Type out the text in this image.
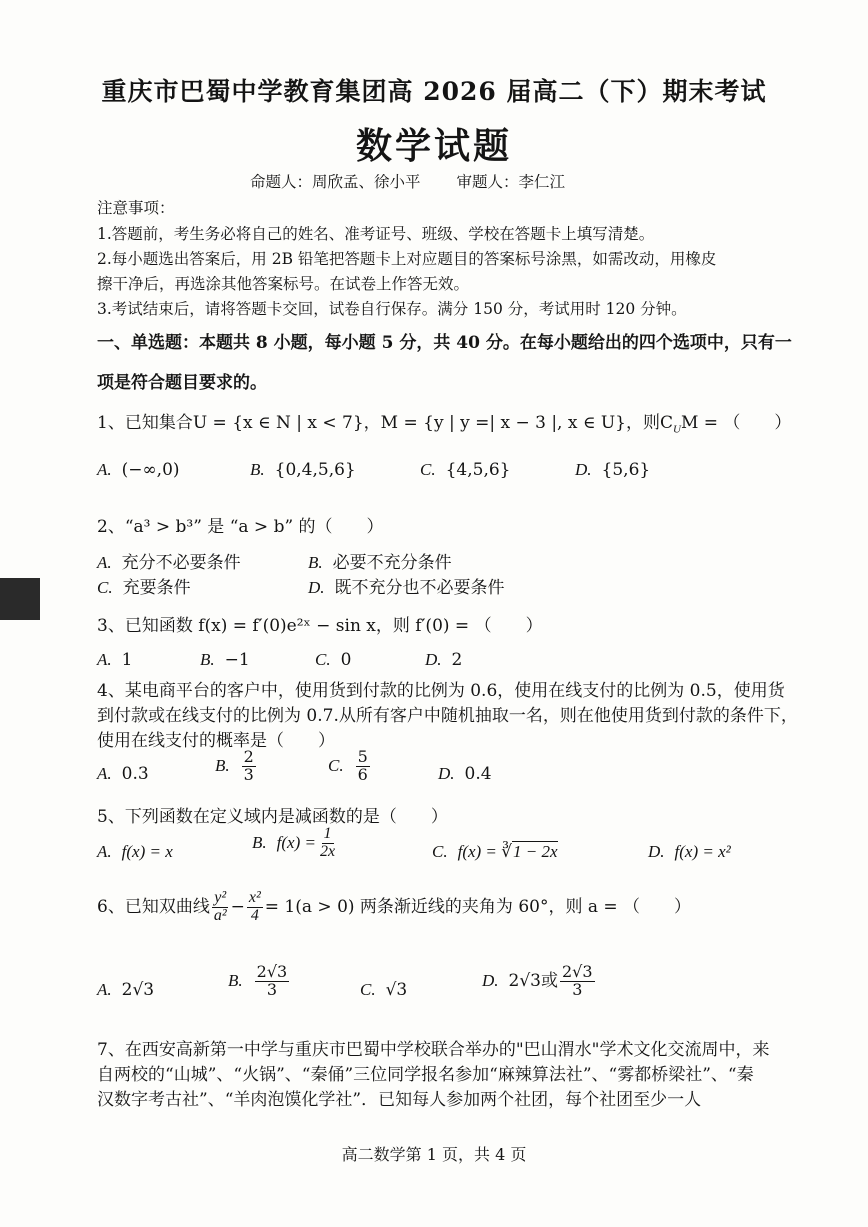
重庆市巴蜀中学教育集团高 2026 届高二（下）期末考试
数学试题
命题人：周欣孟、徐小平 审题人：李仁江
注意事项：
1.答题前，考生务必将自己的姓名、准考证号、班级、学校在答题卡上填写清楚。
2.每小题选出答案后，用 2B 铅笔把答题卡上对应题目的答案标号涂黑，如需改动，用橡皮
擦干净后，再选涂其他答案标号。在试卷上作答无效。
3.考试结束后，请将答题卡交回，试卷自行保存。满分 150 分，考试用时 120 分钟。
一、单选题：本题共 8 小题，每小题 5 分，共 40 分。在每小题给出的四个选项中，只有一
项是符合题目要求的。
1、已知集合U = {x ∈ N | x < 7}，M = {y | y =| x − 3 |, x ∈ U}，则$C_UM$ = （　　）
A. (−∞,0)	B. {0,4,5,6}	C. {4,5,6}	D. {5,6}
2、“a³ > b³” 是 “a > b” 的（　　）
A. 充分不必要条件	B. 必要不充分条件
C. 充要条件	D. 既不充分也不必要条件
3、已知函数 f(x) = f′(0)e²ˣ − sin x，则 f′(0) = （　　）
A. 1	B. −1	C. 0	D. 2
4、某电商平台的客户中，使用货到付款的比例为 0.6，使用在线支付的比例为 0.5，使用货
到付款或在线支付的比例为 0.7.从所有客户中随机抽取一名，则在他使用货到付款的条件下，
使用在线支付的概率是（　　）
A. 0.3	B. $\frac{2}{3}$	C. $\frac{5}{6}$	D. 0.4
5、下列函数在定义域内是减函数的是（　　）
A. f(x) = x	B. $f(x) = \frac{1}{2x}$	C. f(x) = ∛1 − 2x	D. f(x) = x²
6、已知双曲线 $\frac{\text{y²}}{\text{a²}} - \frac{\text{x²}}{4} = 1(a > 0)$ 两条渐近线的夹角为 60°，则 a = （　　）
A. 2√3	B. $\frac{2√3}{3}$	C. √3	D. 2√3或 $\frac{2√3}{3}$
7、在西安高新第一中学与重庆市巴蜀中学校联合举办的"巴山渭水"学术文化交流周中，来
自两校的“山城”、“火锅”、“秦俑”三位同学报名参加“麻辣算法社”、“雾都桥梁社”、“秦
汉数字考古社”、“羊肉泡馍化学社”．已知每人参加两个社团，每个社团至少一人
高二数学第 1 页，共 4 页
